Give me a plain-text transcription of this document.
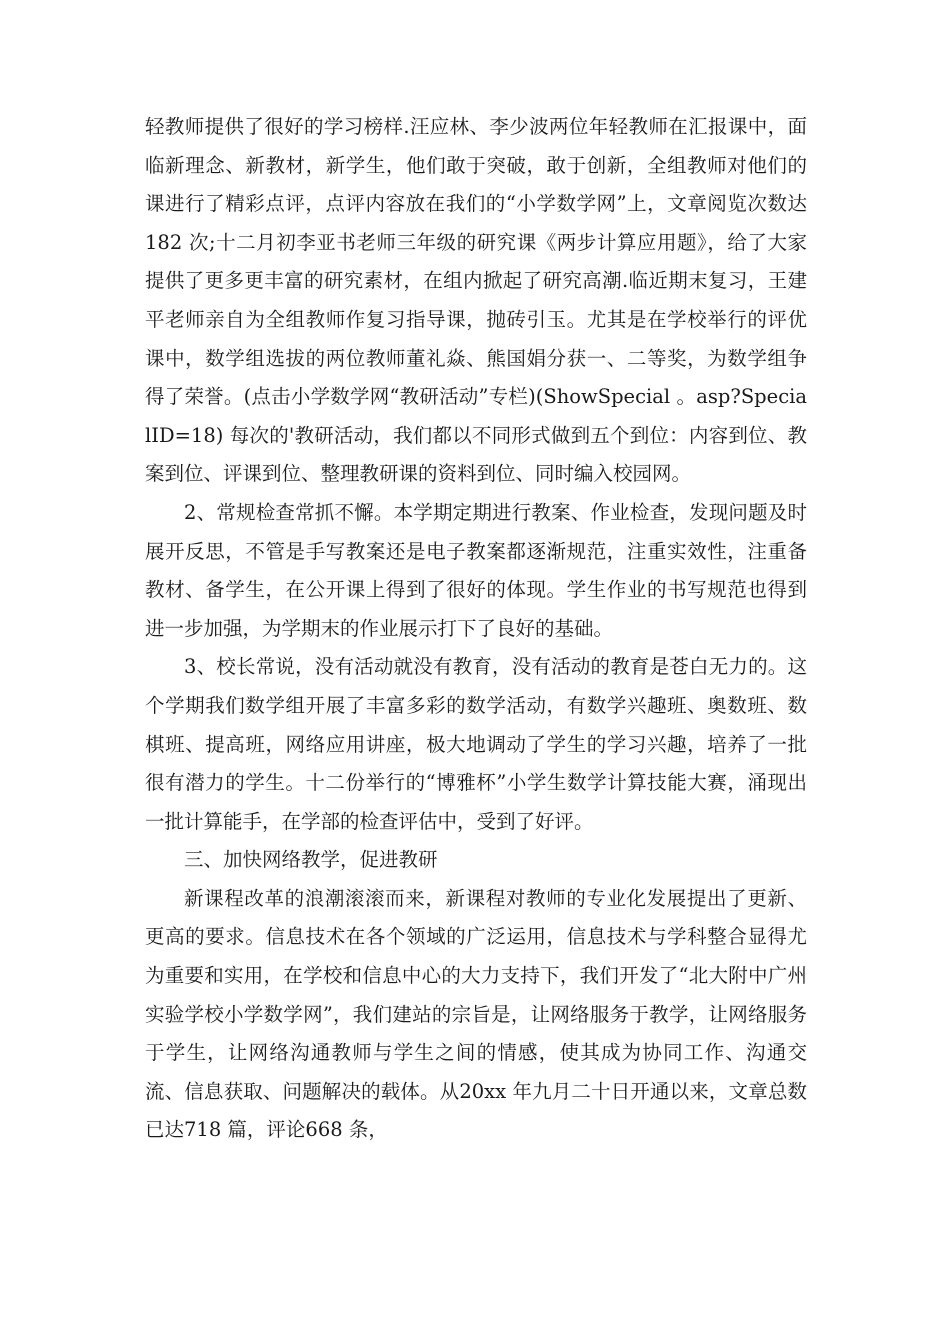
轻教师提供了很好的学习榜样.汪应林、李少波两位年轻教师在汇报课中，面临新理念、新教材，新学生，他们敢于突破，敢于创新，全组教师对他们的课进行了精彩点评，点评内容放在我们的“小学数学网”上，文章阅览次数达 182 次;十二月初李亚书老师三年级的研究课《两步计算应用题》，给了大家提供了更多更丰富的研究素材，在组内掀起了研究高潮.临近期末复习，王建平老师亲自为全组教师作复习指导课，抛砖引玉。尤其是在学校举行的评优课中，数学组选拔的两位教师董礼焱、熊国娟分获一、二等奖，为数学组争得了荣誉。(点击小学数学网“教研活动”专栏)(ShowSpecial 。asp?SpecialID=18) 每次的'教研活动，我们都以不同形式做到五个到位：内容到位、教案到位、评课到位、整理教研课的资料到位、同时编入校园网。

2、常规检查常抓不懈。本学期定期进行教案、作业检查，发现问题及时展开反思，不管是手写教案还是电子教案都逐渐规范，注重实效性，注重备教材、备学生，在公开课上得到了很好的体现。学生作业的书写规范也得到进一步加强，为学期末的作业展示打下了良好的基础。

3、校长常说，没有活动就没有教育，没有活动的教育是苍白无力的。这个学期我们数学组开展了丰富多彩的数学活动，有数学兴趣班、奥数班、数棋班、提高班，网络应用讲座，极大地调动了学生的学习兴趣，培养了一批很有潜力的学生。十二份举行的“博雅杯”小学生数学计算技能大赛，涌现出一批计算能手，在学部的检查评估中，受到了好评。

三、加快网络教学，促进教研

新课程改革的浪潮滚滚而来，新课程对教师的专业化发展提出了更新、更高的要求。信息技术在各个领域的广泛运用，信息技术与学科整合显得尤为重要和实用，在学校和信息中心的大力支持下，我们开发了“北大附中广州实验学校小学数学网”，我们建站的宗旨是，让网络服务于教学，让网络服务于学生，让网络沟通教师与学生之间的情感，使其成为协同工作、沟通交流、信息获取、问题解决的载体。从20xx 年九月二十日开通以来，文章总数已达718 篇，评论668 条，
